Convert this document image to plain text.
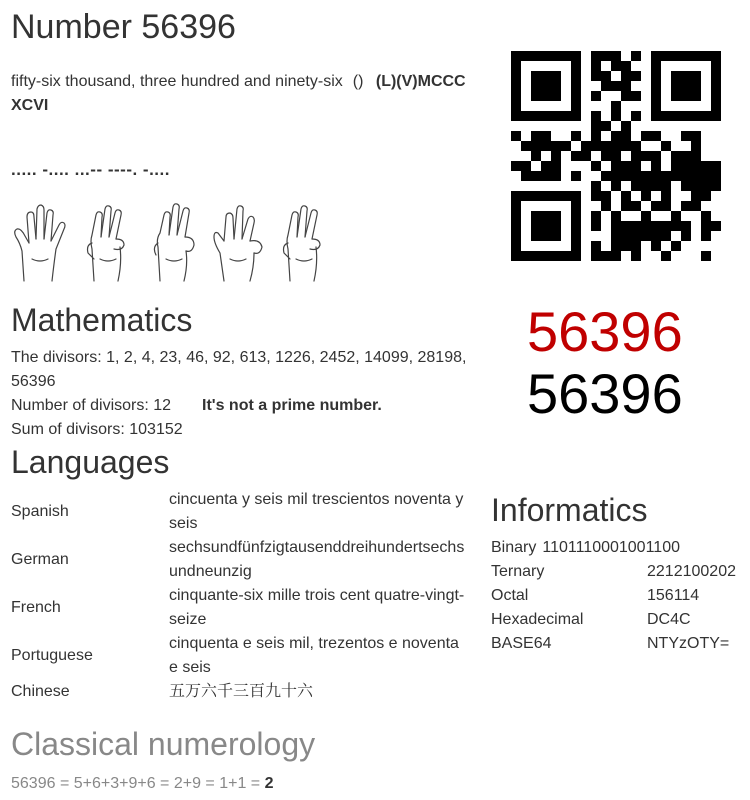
Number 56396
fifty-six thousand, three hundred and ninety-six () (L)(V)MCCC
XCVI
..... -.... ...-- ----. -....
56396
56396
Mathematics
The divisors: 1, 2, 4, 23, 46, 92, 613, 1226, 2452, 14099, 28198,
56396
Number of divisors: 12 It's not a prime number.
Sum of divisors: 103152
Languages
Spanish
cincuenta y seis mil trescientos noventa y
seis
German
sechsundfünfzigtausenddreihundertsechs
undneunzig
French
cinquante-six mille trois cent quatre-vingt-
seize
Portuguese
cinquenta e seis mil, trezentos e noventa
e seis
Chinese	五万六千三百九十六
Informatics
Binary 1101110001001100
Ternary	2212100202
Octal	156114
Hexadecimal	DC4C
BASE64	NTYzOTY=
Classical numerology
56396 = 5+6+3+9+6 = 2+9 = 1+1 = 2
